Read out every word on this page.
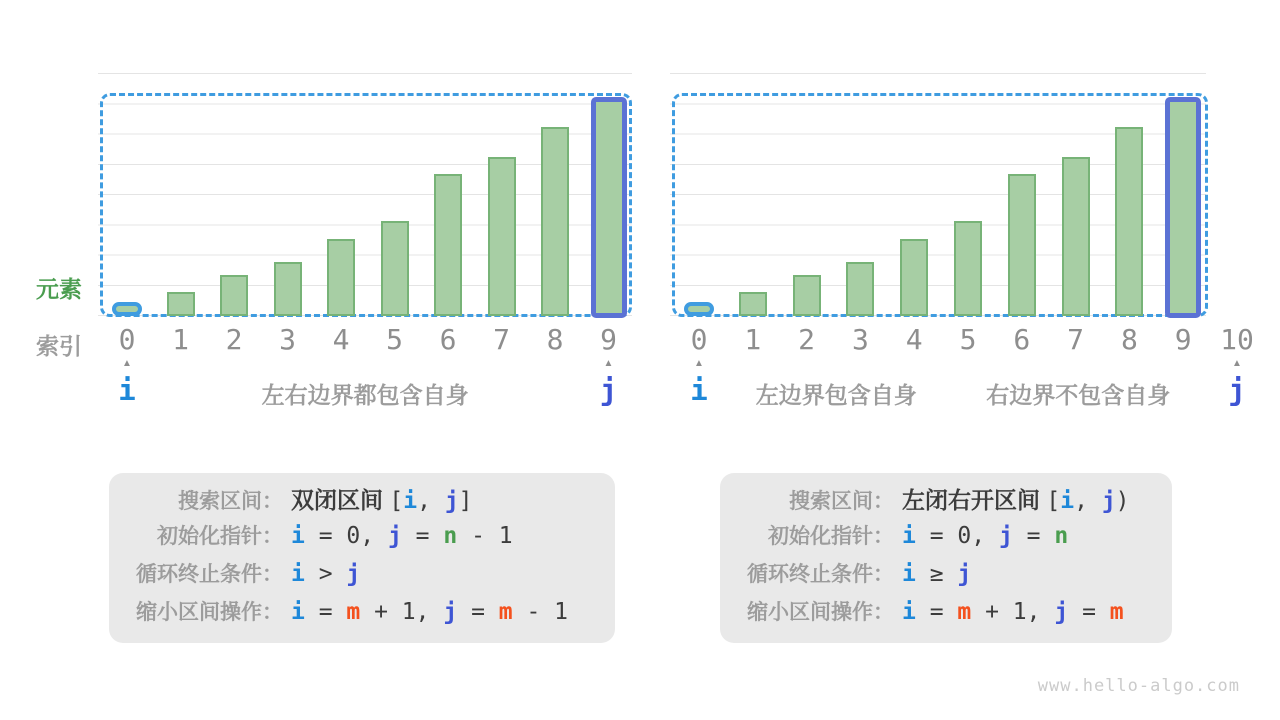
元素
索引 0 1 2 3 4 5 6 7 8 9
▲
i
▲
j
左右边界都包含自身
0 1 2 3 4 5 6 7 8 9 10
▲
i
▲
j
左边界包含自身	右边界不包含自身
搜索区间： 双闭区间 [i, j]
初始化指针： i = 0, j = n - 1
循环终止条件： i > j
缩小区间操作： i = m + 1, j = m - 1
搜索区间： 左闭右开区间 [i, j)
初始化指针： i = 0, j = n
循环终止条件： i ≥ j
缩小区间操作： i = m + 1, j = m
www.hello-algo.com
